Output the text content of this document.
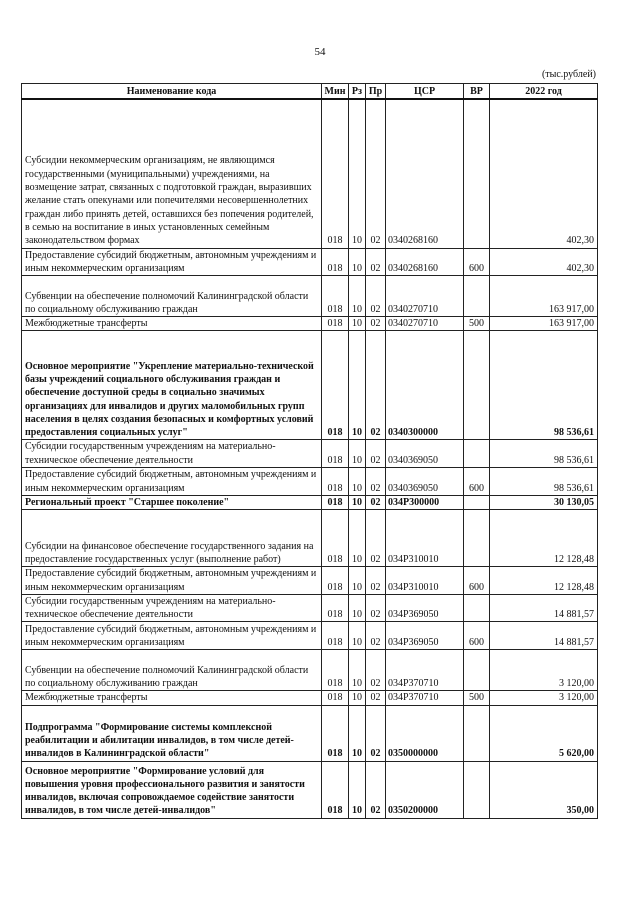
54
(тыс.рублей)
Наименование кода	Мин	Рз	Пр	ЦСР	ВР	2022 год
Субсидии некоммерческим организациям, не являющимся государственными (муниципальными) учреждениями, на возмещение затрат, связанных с подготовкой граждан, выразивших желание стать опекунами или попечителями несовершеннолетних граждан либо принять детей, оставшихся без попечения родителей, в семью на воспитание в иных установленных семейным законодательством формах	018	10	02	0340268160		402,30
Предоставление субсидий бюджетным, автономным учреждениям и иным некоммерческим организациям	018	10	02	0340268160	600	402,30
Субвенции на обеспечение полномочий Калининградской области по социальному обслуживанию граждан	018	10	02	0340270710		163 917,00
Межбюджетные трансферты	018	10	02	0340270710	500	163 917,00
Основное мероприятие "Укрепление материально-технической базы учреждений социального обслуживания граждан и обеспечение доступной среды в социально значимых организациях для инвалидов и других маломобильных групп населения в целях создания безопасных и комфортных условий предоставления социальных услуг"	018	10	02	0340300000		98 536,61
Субсидии государственным учреждениям на материально-техническое обеспечение деятельности	018	10	02	0340369050		98 536,61
Предоставление субсидий бюджетным, автономным учреждениям и иным некоммерческим организациям	018	10	02	0340369050	600	98 536,61
Региональный проект "Старшее поколение"	018	10	02	034P300000		30 130,05
Субсидии на финансовое обеспечение государственного задания на предоставление государственных услуг (выполнение работ)	018	10	02	034P310010		12 128,48
Предоставление субсидий бюджетным, автономным учреждениям и иным некоммерческим организациям	018	10	02	034P310010	600	12 128,48
Субсидии государственным учреждениям на материально-техническое обеспечение деятельности	018	10	02	034P369050		14 881,57
Предоставление субсидий бюджетным, автономным учреждениям и иным некоммерческим организациям	018	10	02	034P369050	600	14 881,57
Субвенции на обеспечение полномочий Калининградской области по социальному обслуживанию граждан	018	10	02	034P370710		3 120,00
Межбюджетные трансферты	018	10	02	034P370710	500	3 120,00
Подпрограмма "Формирование системы комплексной реабилитации и абилитации инвалидов, в том числе детей-инвалидов в Калининградской области"	018	10	02	0350000000		5 620,00
Основное мероприятие "Формирование условий для повышения уровня профессионального развития и занятости инвалидов, включая сопровождаемое содействие занятости инвалидов, в том числе детей-инвалидов"	018	10	02	0350200000		350,00
